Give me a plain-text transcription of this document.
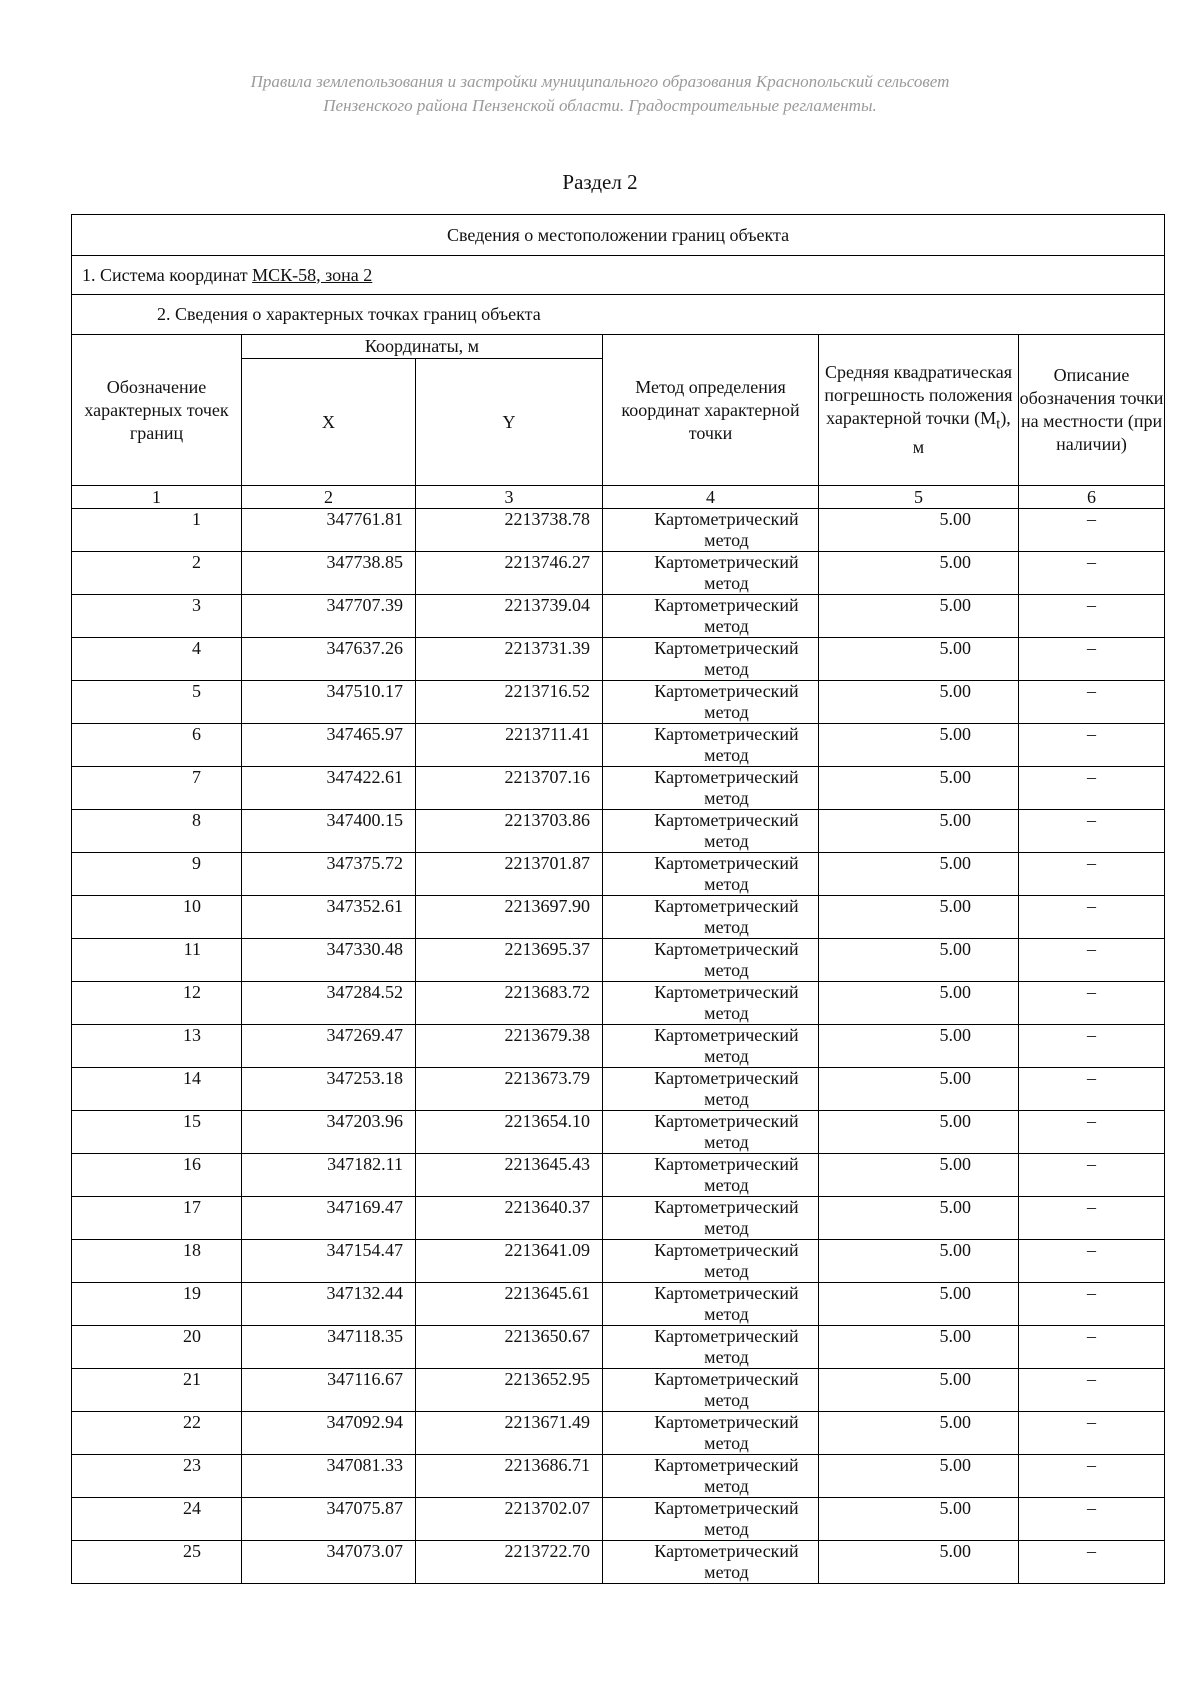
Правила землепользования и застройки муниципального образования Краснопольский сельсовет
Пензенского района Пензенской области. Градостроительные регламенты.
Раздел 2
Сведения о местоположении границ объекта					
1. Система координат МСК-58, зона 2					
2. Сведения о характерных точках границ объекта					
Обозначение характерных точек границ	Координаты, м		Метод определения координат характерной точки	Средняя квадратическая погрешность положения характерной точки $(M_t)$, м	Описание обозначения точки на местности (при наличии)
	X	Y			
1	2	3	4	5	6
1	347761.81	2213738.78	Картометрический метод	5.00	–
2	347738.85	2213746.27	Картометрический метод	5.00	–
3	347707.39	2213739.04	Картометрический метод	5.00	–
4	347637.26	2213731.39	Картометрический метод	5.00	–
5	347510.17	2213716.52	Картометрический метод	5.00	–
6	347465.97	2213711.41	Картометрический метод	5.00	–
7	347422.61	2213707.16	Картометрический метод	5.00	–
8	347400.15	2213703.86	Картометрический метод	5.00	–
9	347375.72	2213701.87	Картометрический метод	5.00	–
10	347352.61	2213697.90	Картометрический метод	5.00	–
11	347330.48	2213695.37	Картометрический метод	5.00	–
12	347284.52	2213683.72	Картометрический метод	5.00	–
13	347269.47	2213679.38	Картометрический метод	5.00	–
14	347253.18	2213673.79	Картометрический метод	5.00	–
15	347203.96	2213654.10	Картометрический метод	5.00	–
16	347182.11	2213645.43	Картометрический метод	5.00	–
17	347169.47	2213640.37	Картометрический метод	5.00	–
18	347154.47	2213641.09	Картометрический метод	5.00	–
19	347132.44	2213645.61	Картометрический метод	5.00	–
20	347118.35	2213650.67	Картометрический метод	5.00	–
21	347116.67	2213652.95	Картометрический метод	5.00	–
22	347092.94	2213671.49	Картометрический метод	5.00	–
23	347081.33	2213686.71	Картометрический метод	5.00	–
24	347075.87	2213702.07	Картометрический метод	5.00	–
25	347073.07	2213722.70	Картометрический метод	5.00	–
